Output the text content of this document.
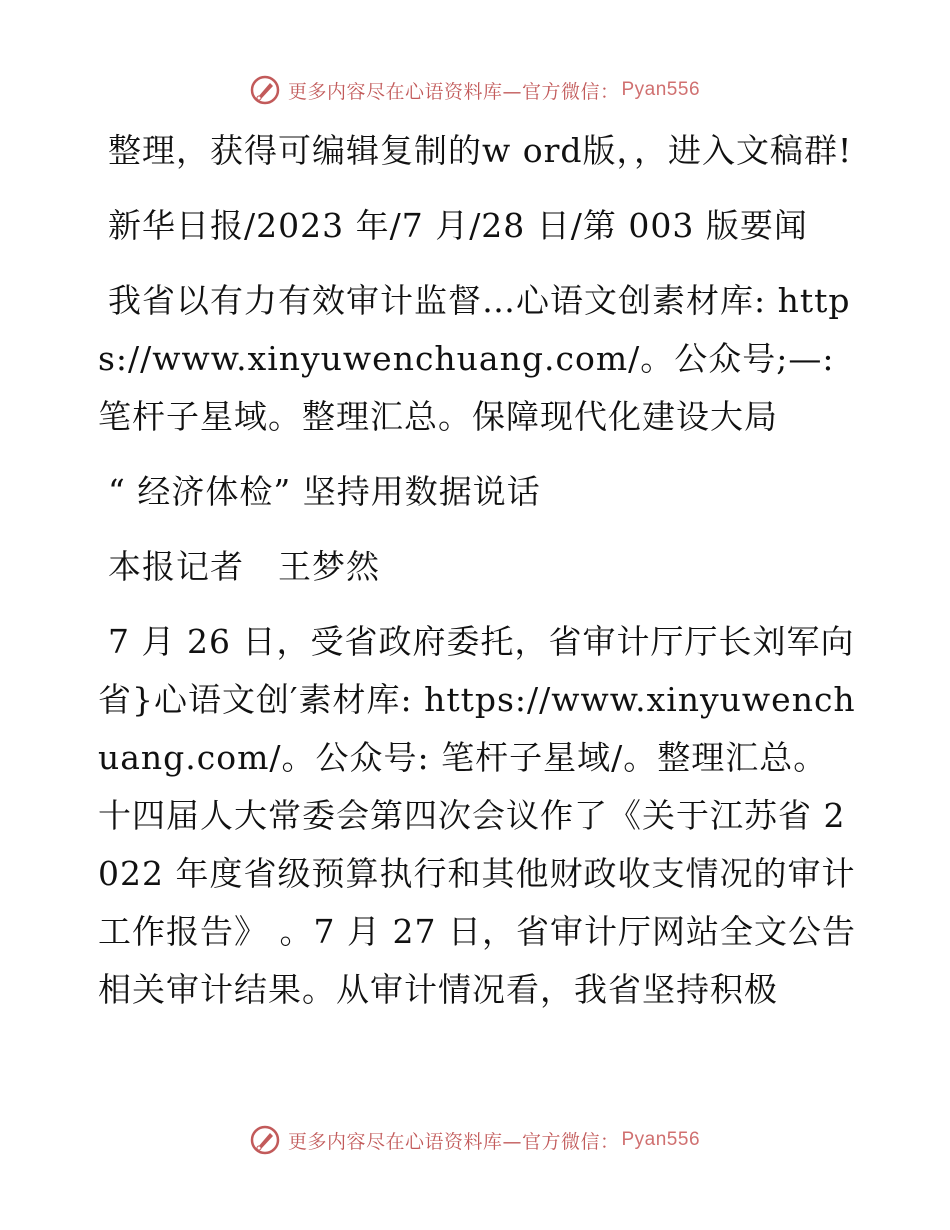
更多内容尽在心语资料库—官方微信： Pyan556

整理，获得可编辑复制的w ord版，，进入文稿群!

新华日报/2023 年/7 月/28 日/第 003 版要闻

我省以有力有效审计监督…心语文创素材库: https://www.xinyuwenchuang.com/。公众号;—:笔杆子星域。整理汇总。保障现代化建设大局

“ 经济体检” 坚持用数据说话

本报记者　王梦然

7 月 26 日，受省政府委托，省审计厅厅长刘军向省}心语文创′素材库: https://www.xinyuwenchuang.com/。公众号: 笔杆子星域/。整理汇总。十四届人大常委会第四次会议作了《关于江苏省 2022 年度省级预算执行和其他财政收支情况的审计工作报告》 。7 月 27 日，省审计厅网站全文公告相关审计结果。从审计情况看，我省坚持积极

更多内容尽在心语资料库—官方微信： Pyan556
